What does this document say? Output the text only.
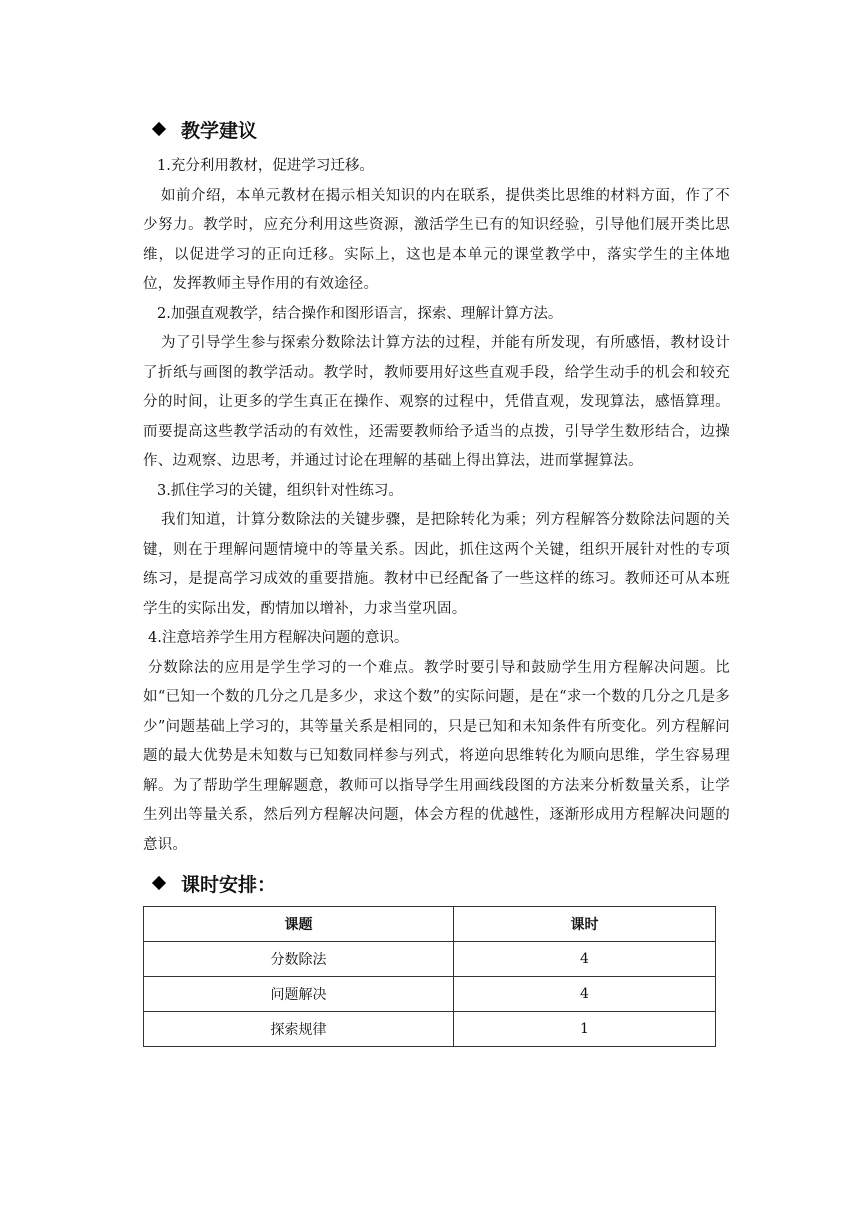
教学建议

1.充分利用教材，促进学习迁移。

如前介绍，本单元教材在揭示相关知识的内在联系，提供类比思维的材料方面，作了不少努力。教学时，应充分利用这些资源，激活学生已有的知识经验，引导他们展开类比思维，以促进学习的正向迁移。实际上，这也是本单元的课堂教学中，落实学生的主体地位，发挥教师主导作用的有效途径。

2.加强直观教学，结合操作和图形语言，探索、理解计算方法。

为了引导学生参与探索分数除法计算方法的过程，并能有所发现，有所感悟，教材设计了折纸与画图的教学活动。教学时，教师要用好这些直观手段，给学生动手的机会和较充分的时间，让更多的学生真正在操作、观察的过程中，凭借直观，发现算法，感悟算理。而要提高这些教学活动的有效性，还需要教师给予适当的点拨，引导学生数形结合，边操作、边观察、边思考，并通过讨论在理解的基础上得出算法，进而掌握算法。

3.抓住学习的关键，组织针对性练习。

我们知道，计算分数除法的关键步骤，是把除转化为乘；列方程解答分数除法问题的关键，则在于理解问题情境中的等量关系。因此，抓住这两个关键，组织开展针对性的专项练习，是提高学习成效的重要措施。教材中已经配备了一些这样的练习。教师还可从本班学生的实际出发，酌情加以增补，力求当堂巩固。

4.注意培养学生用方程解决问题的意识。

分数除法的应用是学生学习的一个难点。教学时要引导和鼓励学生用方程解决问题。比如“已知一个数的几分之几是多少，求这个数”的实际问题，是在“求一个数的几分之几是多少”问题基础上学习的，其等量关系是相同的，只是已知和未知条件有所变化。列方程解问题的最大优势是未知数与已知数同样参与列式，将逆向思维转化为顺向思维，学生容易理解。为了帮助学生理解题意，教师可以指导学生用画线段图的方法来分析数量关系，让学生列出等量关系，然后列方程解决问题，体会方程的优越性，逐渐形成用方程解决问题的意识。

课时安排：
课题	课时
分数除法	4
问题解决	4
探索规律	1
